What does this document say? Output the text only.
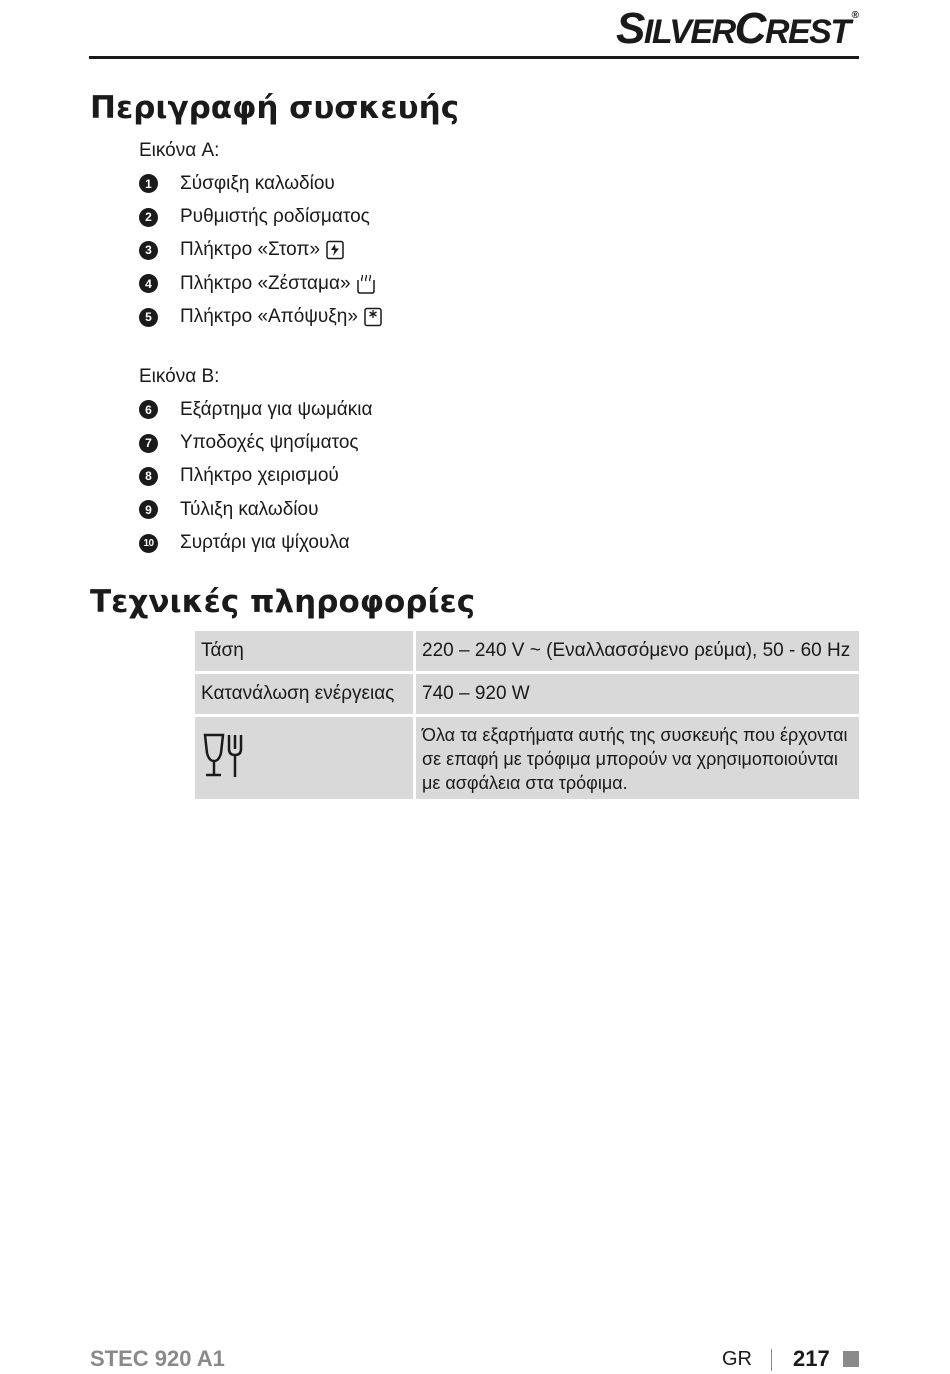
SILVERCREST ®
Περιγραφή συσκευής
Εικόνα A:
1	Σύσφιξη καλωδίου
2	Ρυθμιστής ροδίσματος
3	Πλήκτρο «Στοπ»
4	Πλήκτρο «Ζέσταμα»
5	Πλήκτρο «Απόψυξη»
Εικόνα B:
6	Εξάρτημα για ψωμάκια
7	Υποδοχές ψησίματος
8	Πλήκτρο χειρισμού
9	Τύλιξη καλωδίου
10 Συρτάρι για ψίχουλα
Τεχνικές πληροφορίες
Τάση	220 – 240 V ~ (Εναλλασσόμενο ρεύμα), 50 - 60 Hz
Κατανάλωση ενέργειας	740 – 920 W
	Όλα τα εξαρτήματα αυτής της συσκευής που έρχονται σε επαφή με τρόφιμα μπορούν να χρησιμοποιούνται με ασφάλεια στα τρόφιμα.
STEC 920 A1	GR 217
